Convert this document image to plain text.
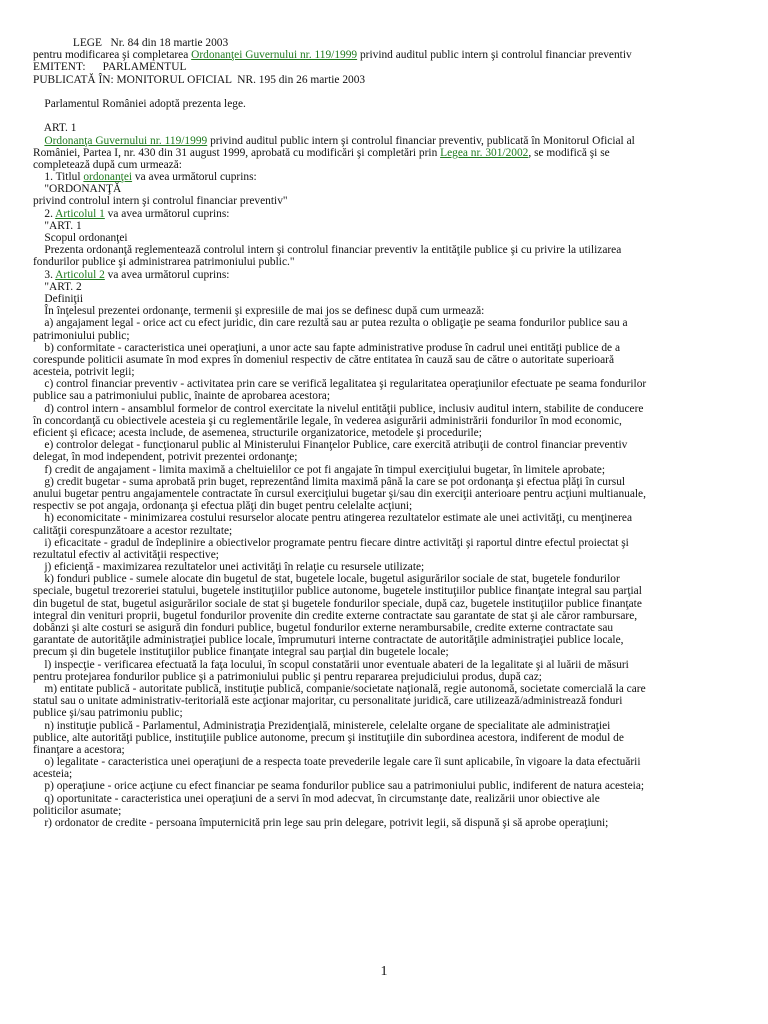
LEGE   Nr. 84 din 18 martie 2003
pentru modificarea şi completarea Ordonanţei Guvernului nr. 119/1999 privind auditul public intern şi controlul financiar preventiv
EMITENT:      PARLAMENTUL
PUBLICATĂ ÎN: MONITORUL OFICIAL  NR. 195 din 26 martie 2003
Parlamentul României adoptă prezenta lege.
ART. 1
Ordonanţa Guvernului nr. 119/1999 privind auditul public intern şi controlul financiar preventiv, publicată în Monitorul Oficial al
României, Partea I, nr. 430 din 31 august 1999, aprobată cu modificări şi completări prin Legea nr. 301/2002, se modifică şi se
completează după cum urmează:
1. Titlul ordonanţei va avea următorul cuprins:
"ORDONANŢĂ
privind controlul intern şi controlul financiar preventiv"
2. Articolul 1 va avea următorul cuprins:
"ART. 1
Scopul ordonanţei
Prezenta ordonanţă reglementează controlul intern şi controlul financiar preventiv la entităţile publice şi cu privire la utilizarea
fondurilor publice şi administrarea patrimoniului public."
3. Articolul 2 va avea următorul cuprins:
"ART. 2
Definiţii
În înţelesul prezentei ordonanţe, termenii şi expresiile de mai jos se definesc după cum urmează:
a) angajament legal - orice act cu efect juridic, din care rezultă sau ar putea rezulta o obligaţie pe seama fondurilor publice sau a
patrimoniului public;
b) conformitate - caracteristica unei operaţiuni, a unor acte sau fapte administrative produse în cadrul unei entităţi publice de a
corespunde politicii asumate în mod expres în domeniul respectiv de către entitatea în cauză sau de către o autoritate superioară
acesteia, potrivit legii;
c) control financiar preventiv - activitatea prin care se verifică legalitatea şi regularitatea operaţiunilor efectuate pe seama fondurilor
publice sau a patrimoniului public, înainte de aprobarea acestora;
d) control intern - ansamblul formelor de control exercitate la nivelul entităţii publice, inclusiv auditul intern, stabilite de conducere
în concordanţă cu obiectivele acesteia şi cu reglementările legale, în vederea asigurării administrării fondurilor în mod economic,
eficient şi eficace; acesta include, de asemenea, structurile organizatorice, metodele şi procedurile;
e) controlor delegat - funcţionarul public al Ministerului Finanţelor Publice, care exercită atribuţii de control financiar preventiv
delegat, în mod independent, potrivit prezentei ordonanţe;
f) credit de angajament - limita maximă a cheltuielilor ce pot fi angajate în timpul exerciţiului bugetar, în limitele aprobate;
g) credit bugetar - suma aprobată prin buget, reprezentând limita maximă până la care se pot ordonanţa şi efectua plăţi în cursul
anului bugetar pentru angajamentele contractate în cursul exerciţiului bugetar şi/sau din exerciţii anterioare pentru acţiuni multianuale,
respectiv se pot angaja, ordonanţa şi efectua plăţi din buget pentru celelalte acţiuni;
h) economicitate - minimizarea costului resurselor alocate pentru atingerea rezultatelor estimate ale unei activităţi, cu menţinerea
calităţii corespunzătoare a acestor rezultate;
i) eficacitate - gradul de îndeplinire a obiectivelor programate pentru fiecare dintre activităţi şi raportul dintre efectul proiectat şi
rezultatul efectiv al activităţii respective;
j) eficienţă - maximizarea rezultatelor unei activităţi în relaţie cu resursele utilizate;
k) fonduri publice - sumele alocate din bugetul de stat, bugetele locale, bugetul asigurărilor sociale de stat, bugetele fondurilor
speciale, bugetul trezoreriei statului, bugetele instituţiilor publice autonome, bugetele instituţiilor publice finanţate integral sau parţial
din bugetul de stat, bugetul asigurărilor sociale de stat şi bugetele fondurilor speciale, după caz, bugetele instituţiilor publice finanţate
integral din venituri proprii, bugetul fondurilor provenite din credite externe contractate sau garantate de stat şi ale căror rambursare,
dobânzi şi alte costuri se asigură din fonduri publice, bugetul fondurilor externe nerambursabile, credite externe contractate sau
garantate de autorităţile administraţiei publice locale, împrumuturi interne contractate de autorităţile administraţiei publice locale,
precum şi din bugetele instituţiilor publice finanţate integral sau parţial din bugetele locale;
l) inspecţie - verificarea efectuată la faţa locului, în scopul constatării unor eventuale abateri de la legalitate şi al luării de măsuri
pentru protejarea fondurilor publice şi a patrimoniului public şi pentru repararea prejudiciului produs, după caz;
m) entitate publică - autoritate publică, instituţie publică, companie/societate naţională, regie autonomă, societate comercială la care
statul sau o unitate administrativ-teritorială este acţionar majoritar, cu personalitate juridică, care utilizează/administrează fonduri
publice şi/sau patrimoniu public;
n) instituţie publică - Parlamentul, Administraţia Prezidenţială, ministerele, celelalte organe de specialitate ale administraţiei
publice, alte autorităţi publice, instituţiile publice autonome, precum şi instituţiile din subordinea acestora, indiferent de modul de
finanţare a acestora;
o) legalitate - caracteristica unei operaţiuni de a respecta toate prevederile legale care îi sunt aplicabile, în vigoare la data efectuării
acesteia;
p) operaţiune - orice acţiune cu efect financiar pe seama fondurilor publice sau a patrimoniului public, indiferent de natura acesteia;
q) oportunitate - caracteristica unei operaţiuni de a servi în mod adecvat, în circumstanţe date, realizării unor obiective ale
politicilor asumate;
r) ordonator de credite - persoana împuternicită prin lege sau prin delegare, potrivit legii, să dispună şi să aprobe operaţiuni;
1
